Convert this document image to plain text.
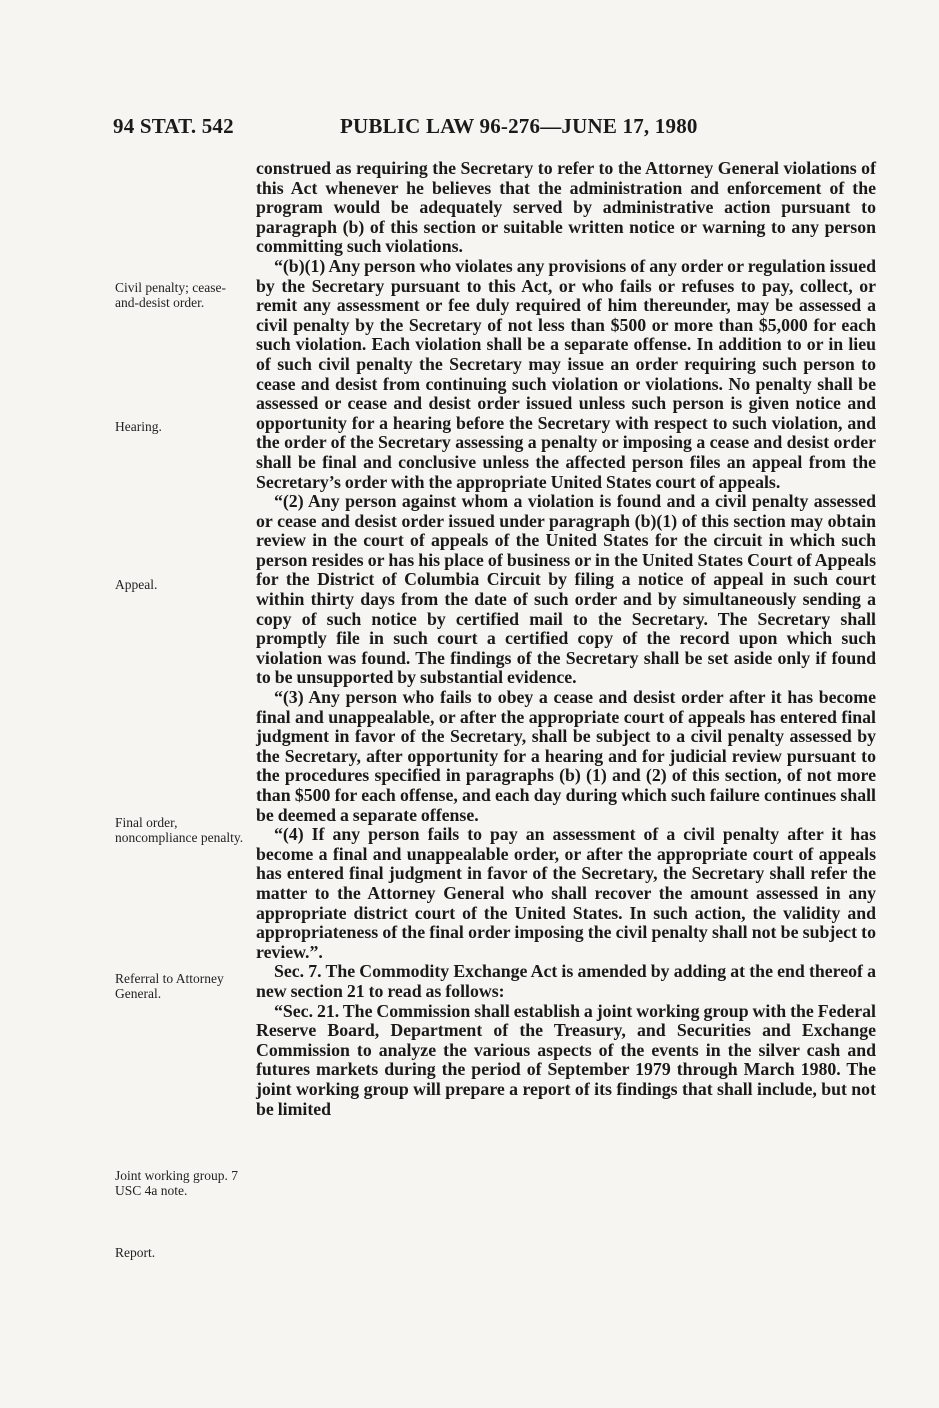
94 STAT. 542	PUBLIC LAW 96-276—JUNE 17, 1980
Civil penalty; cease-and-desist order.
Hearing.
Appeal.
Final order, noncompliance penalty.
Referral to Attorney General.
Joint working group. 7 USC 4a note.
Report.

construed as requiring the Secretary to refer to the Attorney General violations of this Act whenever he believes that the administration and enforcement of the program would be adequately served by administrative action pursuant to paragraph (b) of this section or suitable written notice or warning to any person committing such violations.

“(b)(1) Any person who violates any provisions of any order or regulation issued by the Secretary pursuant to this Act, or who fails or refuses to pay, collect, or remit any assessment or fee duly required of him thereunder, may be assessed a civil penalty by the Secretary of not less than $500 or more than $5,000 for each such violation. Each violation shall be a separate offense. In addition to or in lieu of such civil penalty the Secretary may issue an order requiring such person to cease and desist from continuing such violation or violations. No penalty shall be assessed or cease and desist order issued unless such person is given notice and opportunity for a hearing before the Secretary with respect to such violation, and the order of the Secretary assessing a penalty or imposing a cease and desist order shall be final and conclusive unless the affected person files an appeal from the Secretary’s order with the appropriate United States court of appeals.

“(2) Any person against whom a violation is found and a civil penalty assessed or cease and desist order issued under paragraph (b)(1) of this section may obtain review in the court of appeals of the United States for the circuit in which such person resides or has his place of business or in the United States Court of Appeals for the District of Columbia Circuit by filing a notice of appeal in such court within thirty days from the date of such order and by simultaneously sending a copy of such notice by certified mail to the Secretary. The Secretary shall promptly file in such court a certified copy of the record upon which such violation was found. The findings of the Secretary shall be set aside only if found to be unsupported by substantial evidence.

“(3) Any person who fails to obey a cease and desist order after it has become final and unappealable, or after the appropriate court of appeals has entered final judgment in favor of the Secretary, shall be subject to a civil penalty assessed by the Secretary, after opportunity for a hearing and for judicial review pursuant to the procedures specified in paragraphs (b) (1) and (2) of this section, of not more than $500 for each offense, and each day during which such failure continues shall be deemed a separate offense.

“(4) If any person fails to pay an assessment of a civil penalty after it has become a final and unappealable order, or after the appropriate court of appeals has entered final judgment in favor of the Secretary, the Secretary shall refer the matter to the Attorney General who shall recover the amount assessed in any appropriate district court of the United States. In such action, the validity and appropriateness of the final order imposing the civil penalty shall not be subject to review.”.

Sec. 7. The Commodity Exchange Act is amended by adding at the end thereof a new section 21 to read as follows:

“Sec. 21. The Commission shall establish a joint working group with the Federal Reserve Board, Department of the Treasury, and Securities and Exchange Commission to analyze the various aspects of the events in the silver cash and futures markets during the period of September 1979 through March 1980. The joint working group will prepare a report of its findings that shall include, but not be limited
